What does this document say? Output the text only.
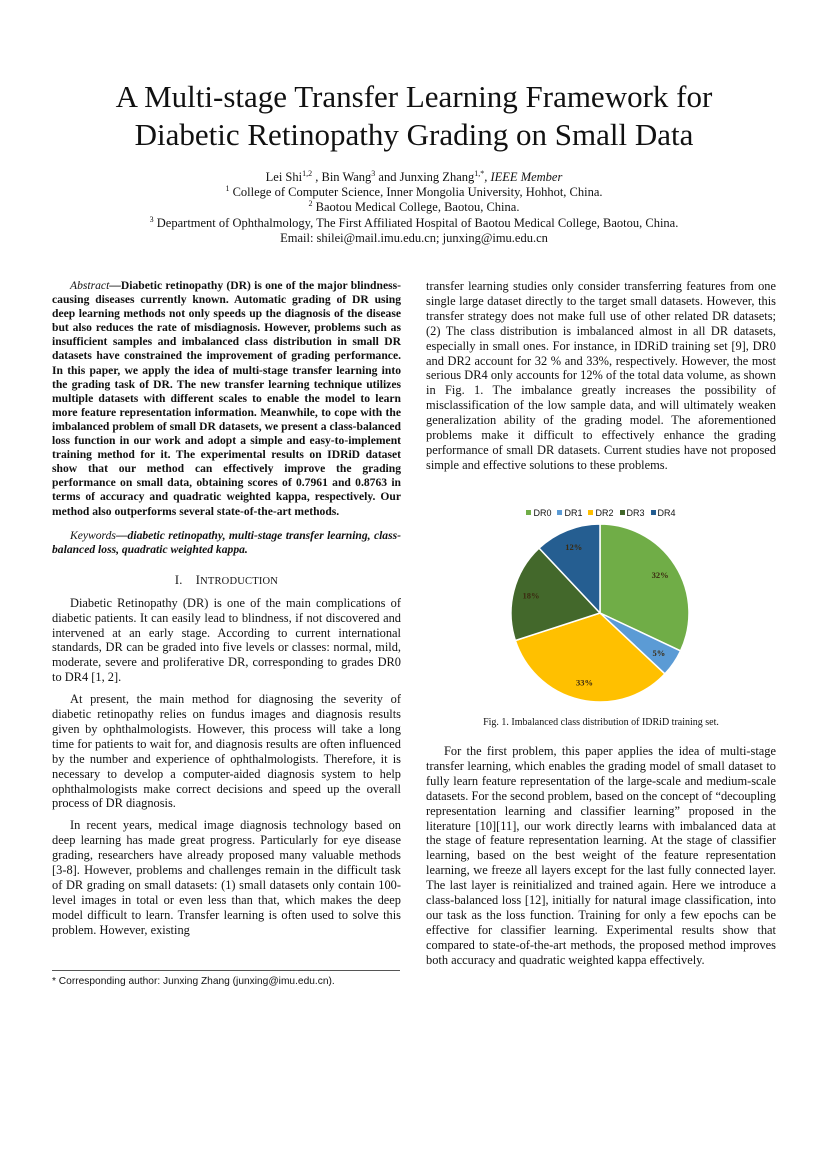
A Multi-stage Transfer Learning Framework for
Diabetic Retinopathy Grading on Small Data
Lei Shi$^{1,2}$ , Bin Wang$^3$ and Junxing Zhang$^{1,*}$, IEEE Member
$^1$ College of Computer Science, Inner Mongolia University, Hohhot, China.
$^2$ Baotou Medical College, Baotou, China.
$^3$ Department of Ophthalmology, The First Affiliated Hospital of Baotou Medical College, Baotou, China.
Email: shilei@mail.imu.edu.cn; junxing@imu.edu.cn

Abstract—Diabetic retinopathy (DR) is one of the major blindness-causing diseases currently known. Automatic grading of DR using deep learning methods not only speeds up the diagnosis of the disease but also reduces the rate of misdiagnosis. However, problems such as insufficient samples and imbalanced class distribution in small DR datasets have constrained the improvement of grading performance. In this paper, we apply the idea of multi-stage transfer learning into the grading task of DR. The new transfer learning technique utilizes multiple datasets with different scales to enable the model to learn more feature representation information. Meanwhile, to cope with the imbalanced problem of small DR datasets, we present a class-balanced loss function in our work and adopt a simple and easy-to-implement training method for it. The experimental results on IDRiD dataset show that our method can effectively improve the grading performance on small data, obtaining scores of 0.7961 and 0.8763 in terms of accuracy and quadratic weighted kappa, respectively. Our method also outperforms several state-of-the-art methods.

Keywords—diabetic retinopathy, multi-stage transfer learning, class-balanced loss, quadratic weighted kappa.

I. INTRODUCTION

Diabetic Retinopathy (DR) is one of the main complications of diabetic patients. It can easily lead to blindness, if not discovered and intervened at an early stage. According to current international standards, DR can be graded into five levels or classes: normal, mild, moderate, severe and proliferative DR, corresponding to grades DR0 to DR4 [1, 2].

At present, the main method for diagnosing the severity of diabetic retinopathy relies on fundus images and diagnosis results given by ophthalmologists. However, this process will take a long time for patients to wait for, and diagnosis results are often influenced by the number and experience of ophthalmologists. Therefore, it is necessary to develop a computer-aided diagnosis system to help ophthalmologists make correct decisions and speed up the overall process of DR diagnosis.

In recent years, medical image diagnosis technology based on deep learning has made great progress. Particularly for eye disease grading, researchers have already proposed many valuable methods [3-8]. However, problems and challenges remain in the difficult task of DR grading on small datasets: (1) small datasets only contain 100-level images in total or even less than that, which makes the deep model difficult to learn. Transfer learning is often used to solve this problem. However, existing

* Corresponding author: Junxing Zhang (junxing@imu.edu.cn).

transfer learning studies only consider transferring features from one single large dataset directly to the target small datasets. However, this transfer strategy does not make full use of other related DR datasets; (2) The class distribution is imbalanced almost in all DR datasets, especially in small ones. For instance, in IDRiD training set [9], DR0 and DR2 account for 32 % and 33%, respectively. However, the most serious DR4 only accounts for 12% of the total data volume, as shown in Fig. 1. The imbalance greatly increases the possibility of misclassification of the low sample data, and will ultimately weaken generalization ability of the grading model. The aforementioned problems make it difficult to effectively enhance the grading performance of small DR datasets. Current studies have not proposed simple and effective solutions to these problems.

DR0 DR1 DR2 DR3 DR4
32%
5%
33%
18%
12%
Fig. 1. Imbalanced class distribution of IDRiD training set.

For the first problem, this paper applies the idea of multi-stage transfer learning, which enables the grading model of small dataset to fully learn feature representation of the large-scale and medium-scale datasets. For the second problem, based on the concept of “decoupling representation learning and classifier learning” proposed in the literature [10][11], our work directly learns with imbalanced data at the stage of feature representation learning. At the stage of classifier learning, based on the best weight of the feature representation learning, we freeze all layers except for the last fully connected layer. The last layer is reinitialized and trained again. Here we introduce a class-balanced loss [12], initially for natural image classification, into our task as the loss function. Training for only a few epochs can be effective for classifier learning. Experimental results show that compared to state-of-the-art methods, the proposed method improves both accuracy and quadratic weighted kappa effectively.
